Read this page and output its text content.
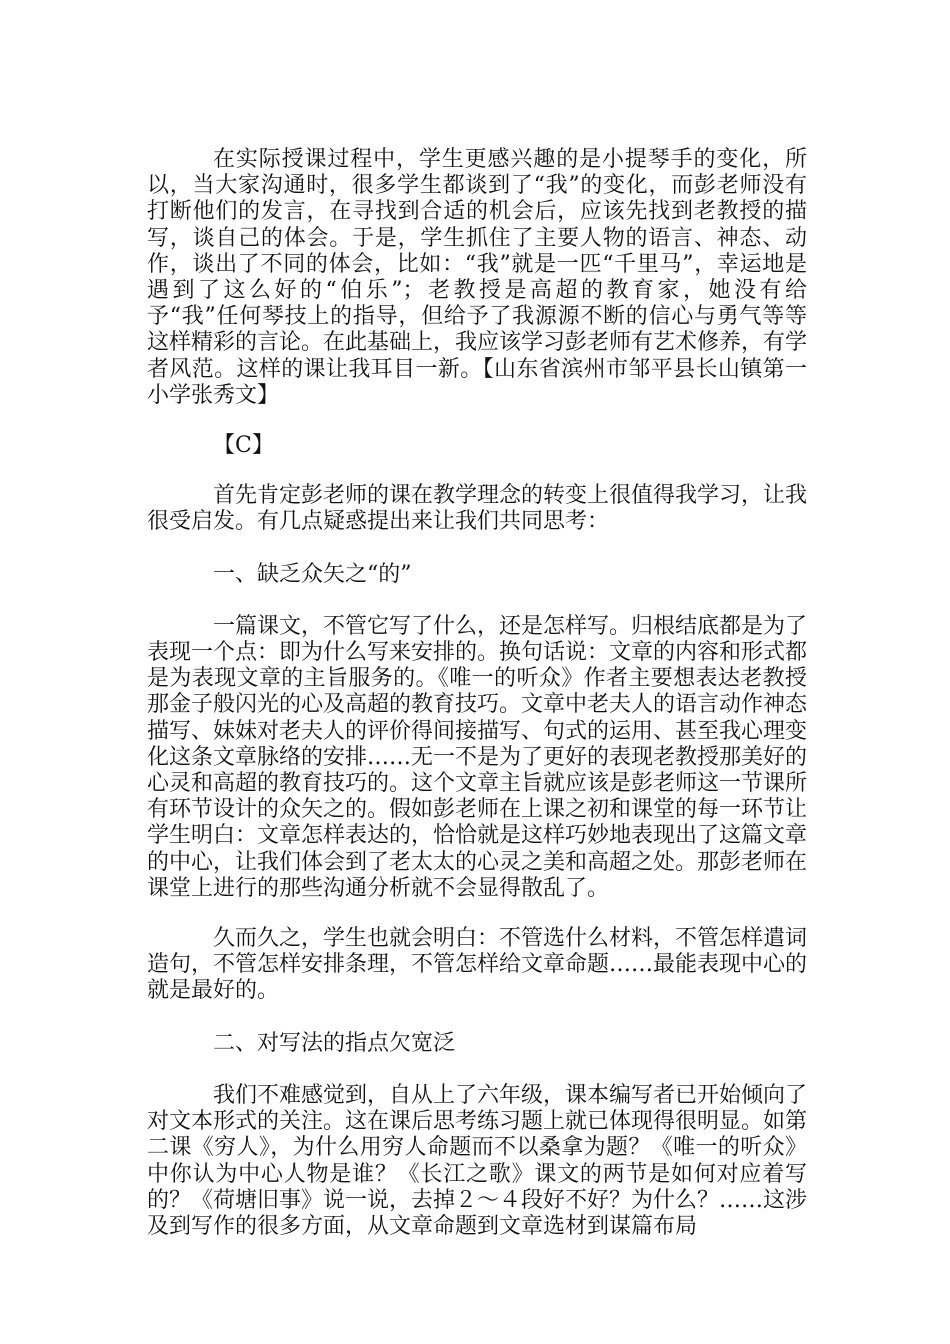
在实际授课过程中，学生更感兴趣的是小提琴手的变化，所以，当大家沟通时，很多学生都谈到了“我”的变化，而彭老师没有打断他们的发言，在寻找到合适的机会后，应该先找到老教授的描写，谈自己的体会。于是，学生抓住了主要人物的语言、神态、动作，谈出了不同的体会，比如：“我”就是一匹“千里马”，幸运地是遇到了这么好的“伯乐”；老教授是高超的教育家，她没有给予“我”任何琴技上的指导，但给予了我源源不断的信心与勇气等等这样精彩的言论。在此基础上，我应该学习彭老师有艺术修养，有学者风范。这样的课让我耳目一新。【山东省滨州市邹平县长山镇第一小学张秀文】

【C】

首先肯定彭老师的课在教学理念的转变上很值得我学习，让我很受启发。有几点疑惑提出来让我们共同思考：

一、缺乏众矢之“的”

一篇课文，不管它写了什么，还是怎样写。归根结底都是为了表现一个点：即为什么写来安排的。换句话说：文章的内容和形式都是为表现文章的主旨服务的。《唯一的听众》作者主要想表达老教授那金子般闪光的心及高超的教育技巧。文章中老夫人的语言动作神态描写、妹妹对老夫人的评价得间接描写、句式的运用、甚至我心理变化这条文章脉络的安排……无一不是为了更好的表现老教授那美好的心灵和高超的教育技巧的。这个文章主旨就应该是彭老师这一节课所有环节设计的众矢之的。假如彭老师在上课之初和课堂的每一环节让学生明白：文章怎样表达的，恰恰就是这样巧妙地表现出了这篇文章的中心，让我们体会到了老太太的心灵之美和高超之处。那彭老师在课堂上进行的那些沟通分析就不会显得散乱了。

久而久之，学生也就会明白：不管选什么材料，不管怎样遣词造句，不管怎样安排条理，不管怎样给文章命题……最能表现中心的就是最好的。

二、对写法的指点欠宽泛

我们不难感觉到，自从上了六年级，课本编写者已开始倾向了对文本形式的关注。这在课后思考练习题上就已体现得很明显。如第二课《穷人》，为什么用穷人命题而不以桑拿为题？《唯一的听众》中你认为中心人物是谁？《长江之歌》课文的两节是如何对应着写的？《荷塘旧事》说一说，去掉２～４段好不好？为什么？……这涉及到写作的很多方面，从文章命题到文章选材到谋篇布局
